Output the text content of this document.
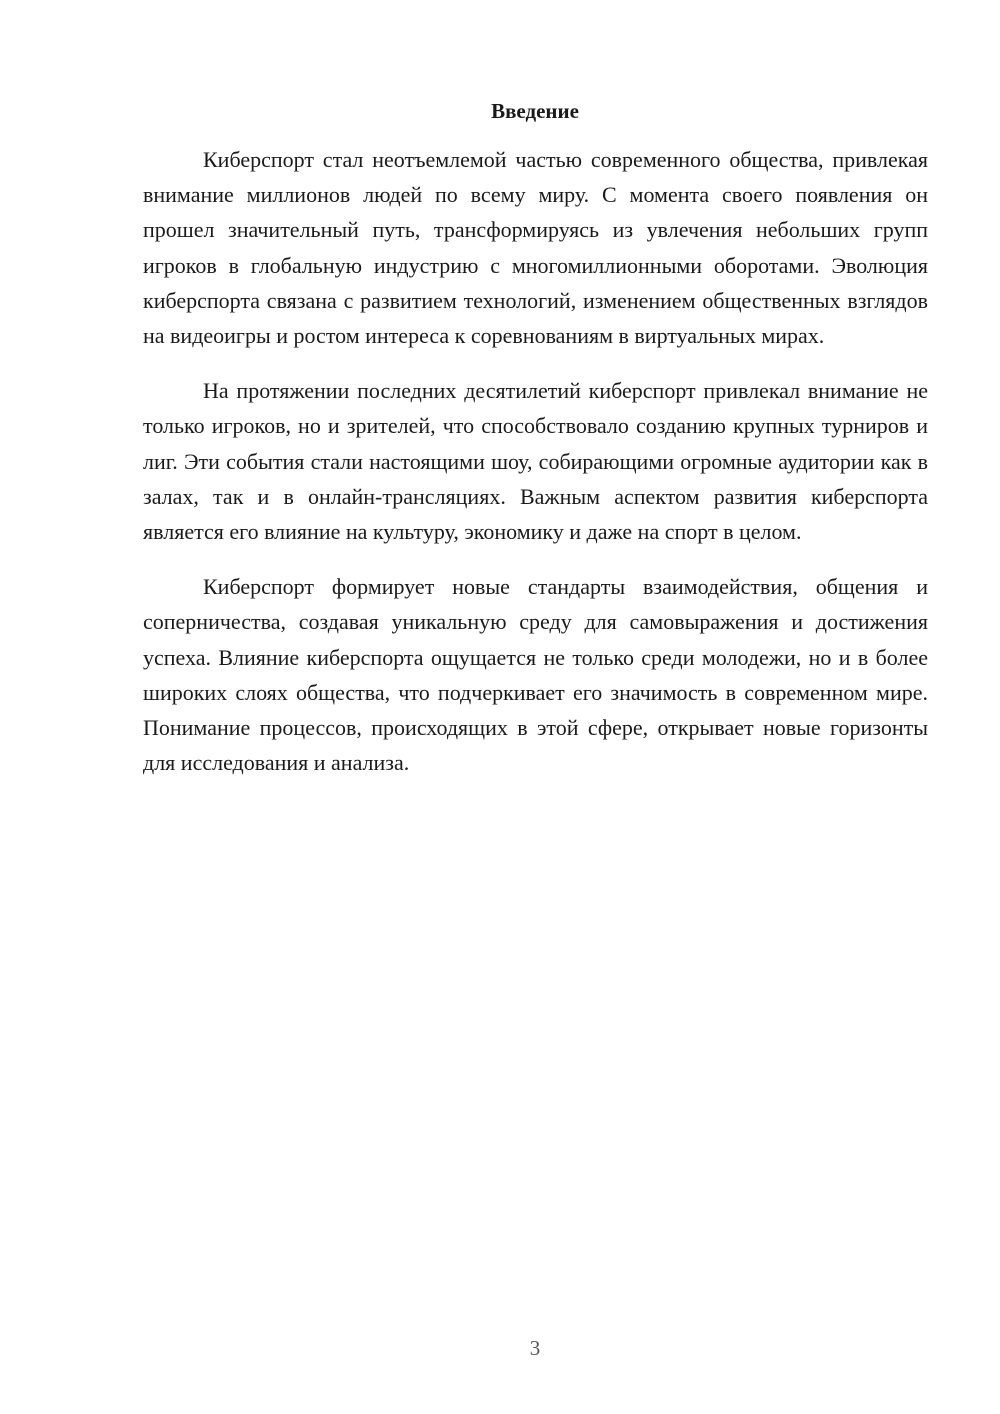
Введение

Киберспорт стал неотъемлемой частью современного общества, привлекая внимание миллионов людей по всему миру. С момента своего появления он прошел значительный путь, трансформируясь из увлечения небольших групп игроков в глобальную индустрию с многомиллионными оборотами. Эволюция киберспорта связана с развитием технологий, изменением общественных взглядов на видеоигры и ростом интереса к соревнованиям в виртуальных мирах.

На протяжении последних десятилетий киберспорт привлекал внимание не только игроков, но и зрителей, что способствовало созданию крупных турниров и лиг. Эти события стали настоящими шоу, собирающими огромные аудитории как в залах, так и в онлайн-трансляциях. Важным аспектом развития киберспорта является его влияние на культуру, экономику и даже на спорт в целом.

Киберспорт формирует новые стандарты взаимодействия, общения и соперничества, создавая уникальную среду для самовыражения и достижения успеха. Влияние киберспорта ощущается не только среди молодежи, но и в более широких слоях общества, что подчеркивает его значимость в современном мире. Понимание процессов, происходящих в этой сфере, открывает новые горизонты для исследования и анализа.

3
